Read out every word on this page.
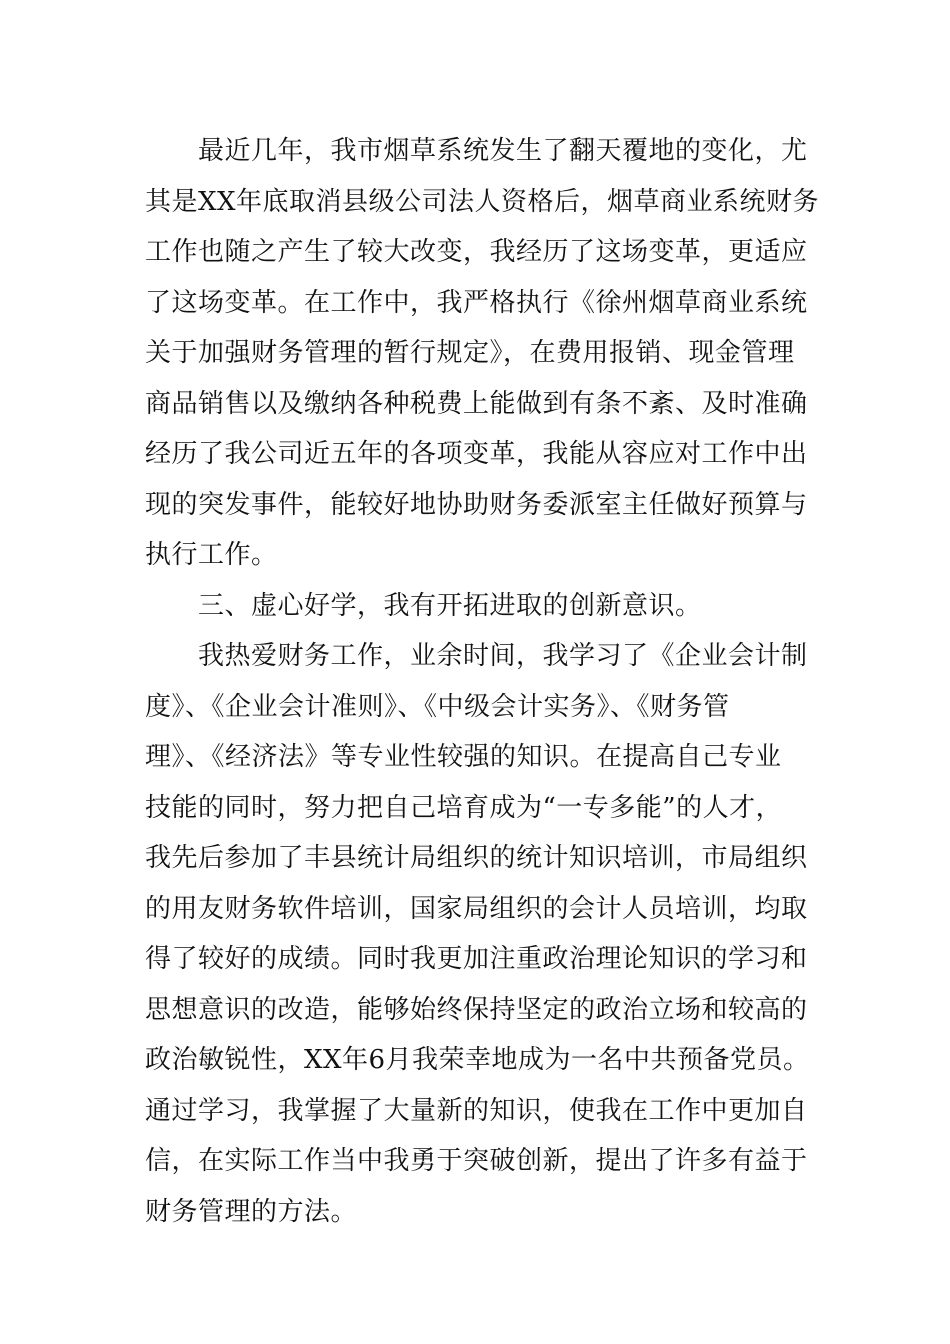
最近几年，我市烟草系统发生了翻天覆地的变化，尤
其是XX年底取消县级公司法人资格后，烟草商业系统财务
工作也随之产生了较大改变，我经历了这场变革，更适应
了这场变革。在工作中，我严格执行《徐州烟草商业系统
关于加强财务管理的暂行规定》，在费用报销、现金管理
商品销售以及缴纳各种税费上能做到有条不紊、及时准确
经历了我公司近五年的各项变革，我能从容应对工作中出
现的突发事件，能较好地协助财务委派室主任做好预算与
执行工作。
三、虚心好学，我有开拓进取的创新意识。
我热爱财务工作，业余时间，我学习了《企业会计制
度》、《企业会计准则》、《中级会计实务》、《财务管
理》、《经济法》等专业性较强的知识。在提高自己专业
技能的同时，努力把自己培育成为“一专多能”的人才，
我先后参加了丰县统计局组织的统计知识培训，市局组织
的用友财务软件培训，国家局组织的会计人员培训，均取
得了较好的成绩。同时我更加注重政治理论知识的学习和
思想意识的改造，能够始终保持坚定的政治立场和较高的
政治敏锐性，XX年6月我荣幸地成为一名中共预备党员。
通过学习，我掌握了大量新的知识，使我在工作中更加自
信，在实际工作当中我勇于突破创新，提出了许多有益于
财务管理的方法。
